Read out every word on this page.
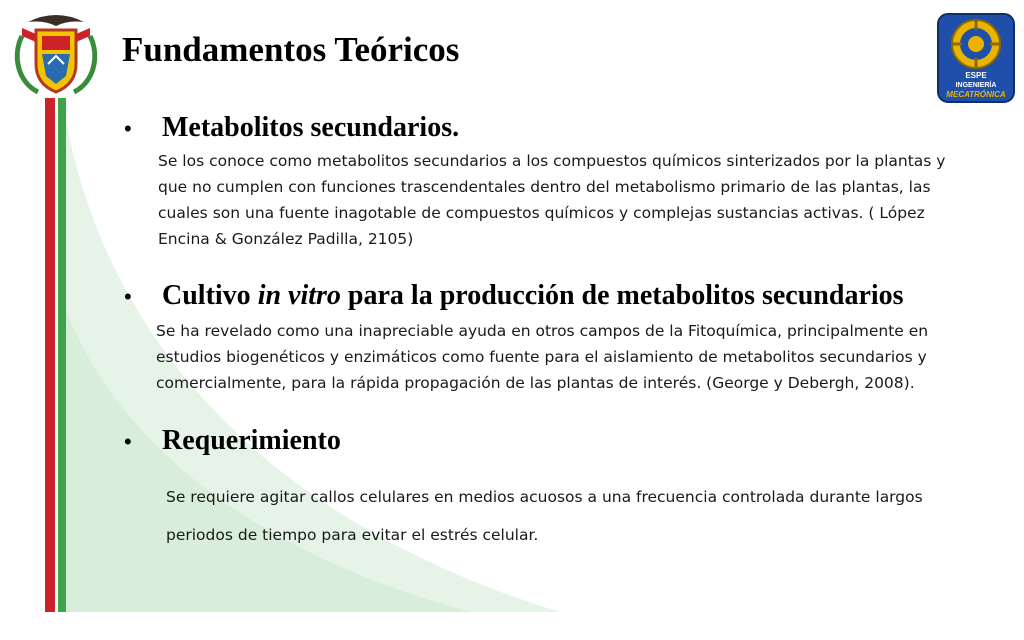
ESPE
INGENIERÍA
MECATRÓNICA
Fundamentos Teóricos
•	Metabolitos secundarios.

Se los conoce como metabolitos secundarios a los compuestos químicos sinterizados por la plantas y que no cumplen con funciones trascendentales dentro del metabolismo primario de las plantas, las cuales son una fuente inagotable de compuestos químicos y complejas sustancias activas. ( López Encina & González Padilla, 2105)

•	Cultivo in vitro para la producción de metabolitos secundarios

Se ha revelado como una inapreciable ayuda en otros campos de la Fitoquímica, principalmente en estudios biogenéticos y enzimáticos como fuente para el aislamiento de metabolitos secundarios y comercialmente, para la rápida propagación de las plantas de interés. (George y Debergh, 2008).

•	Requerimiento

Se requiere agitar callos celulares en medios acuosos a una frecuencia controlada durante largos periodos de tiempo para evitar el estrés celular.
